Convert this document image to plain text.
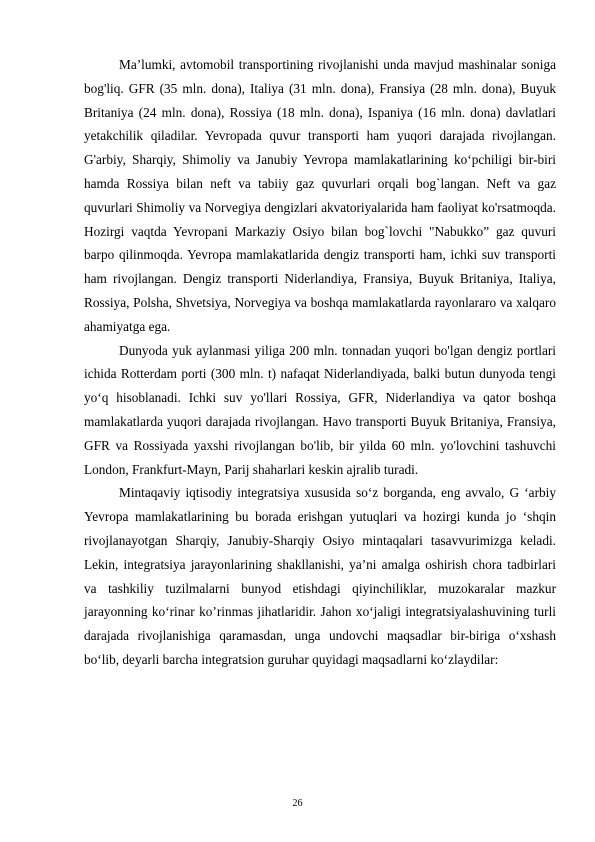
Ma’lumki, avtomobil transportining rivojlanishi unda mavjud mashinalar soniga bog'liq. GFR (35 mln. dona), Italiya (31 mln. dona), Fransiya (28 mln. dona), Buyuk Britaniya (24 mln. dona), Rossiya (18 mln. dona), Ispaniya (16 mln. dona) davlatlari yetakchilik qiladilar. Yevropada quvur transporti ham yuqori darajada rivojlangan. G'arbiy, Sharqiy, Shimoliy va Janubiy Yevropa mamlakatlarining ko‘pchiligi bir-biri hamda Rossiya bilan neft va tabiiy gaz quvurlari orqali bog`langan. Neft va gaz quvurlari Shimoliy va Norvegiya dengizlari akvatoriyalarida ham faoliyat ko'rsatmoqda. Hozirgi vaqtda Yevropani Markaziy Osiyo bilan bog`lovchi "Nabukko” gaz quvuri barpo qilinmoqda. Yevropa mamlakatlarida dengiz transporti ham, ichki suv transporti ham rivojlangan. Dengiz transporti Niderlandiya, Fransiya, Buyuk Britaniya, Italiya, Rossiya, Polsha, Shvetsiya, Norvegiya va boshqa mamlakatlarda rayonlararo va xalqaro ahamiyatga ega.

Dunyoda yuk aylanmasi yiliga 200 mln. tonnadan yuqori bo'lgan dengiz portlari ichida Rotterdam porti (300 mln. t) nafaqat Niderlandiyada, balki butun dunyoda tengi yo‘q hisoblanadi. Ichki suv yo'llari Rossiya, GFR, Niderlandiya va qator boshqa mamlakatlarda yuqori darajada rivojlangan. Havo transporti Buyuk Britaniya, Fransiya, GFR va Rossiyada yaxshi rivojlangan bo'lib, bir yilda 60 mln. yo'lovchini tashuvchi London, Frankfurt-Mayn, Parij shaharlari keskin ajralib turadi.

Mintaqaviy iqtisodiy integratsiya xususida so‘z borganda, eng avvalo, G ‘arbiy Yevropa mamlakatlarining bu borada erishgan yutuqlari va hozirgi kunda jo ‘shqin rivojlanayotgan Sharqiy, Janubiy-Sharqiy Osiyo mintaqalari tasavvurimizga keladi. Lekin, integratsiya jarayonlarining shakllanishi, ya’ni amalga oshirish chora tadbirlari va tashkiliy tuzilmalarni bunyod etishdagi qiyinchiliklar, muzokaralar mazkur jarayonning ko‘rinar ko’rinmas jihatlaridir. Jahon xo‘jaligi integratsiyalashuvining turli darajada rivojlanishiga qaramasdan, unga undovchi maqsadlar bir-biriga o‘xshash bo‘lib, deyarli barcha integratsion guruhar quyidagi maqsadlarni ko‘zlaydilar:

26
